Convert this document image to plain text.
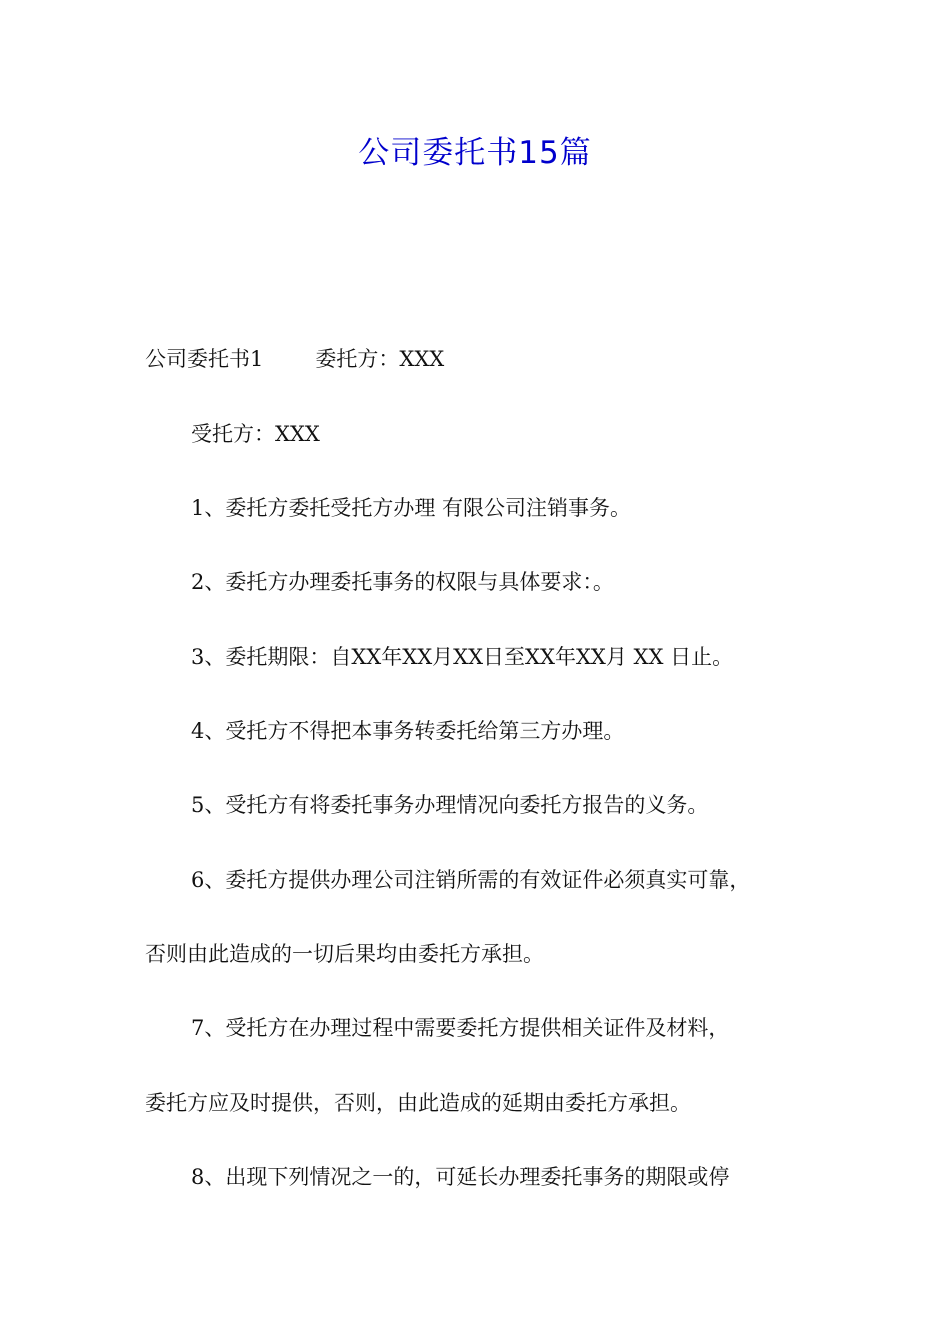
公司委托书15篇
公司委托书1 委托方：XXX
受托方：XXX
1、委托方委托受托方办理 有限公司注销事务。
2、委托方办理委托事务的权限与具体要求：。
3、委托期限：自XX年XX月XX日至XX年XX月 XX 日止。
4、受托方不得把本事务转委托给第三方办理。
5、受托方有将委托事务办理情况向委托方报告的义务。
6、委托方提供办理公司注销所需的有效证件必须真实可靠，
否则由此造成的一切后果均由委托方承担。
7、受托方在办理过程中需要委托方提供相关证件及材料，
委托方应及时提供，否则，由此造成的延期由委托方承担。
8、出现下列情况之一的，可延长办理委托事务的期限或停
